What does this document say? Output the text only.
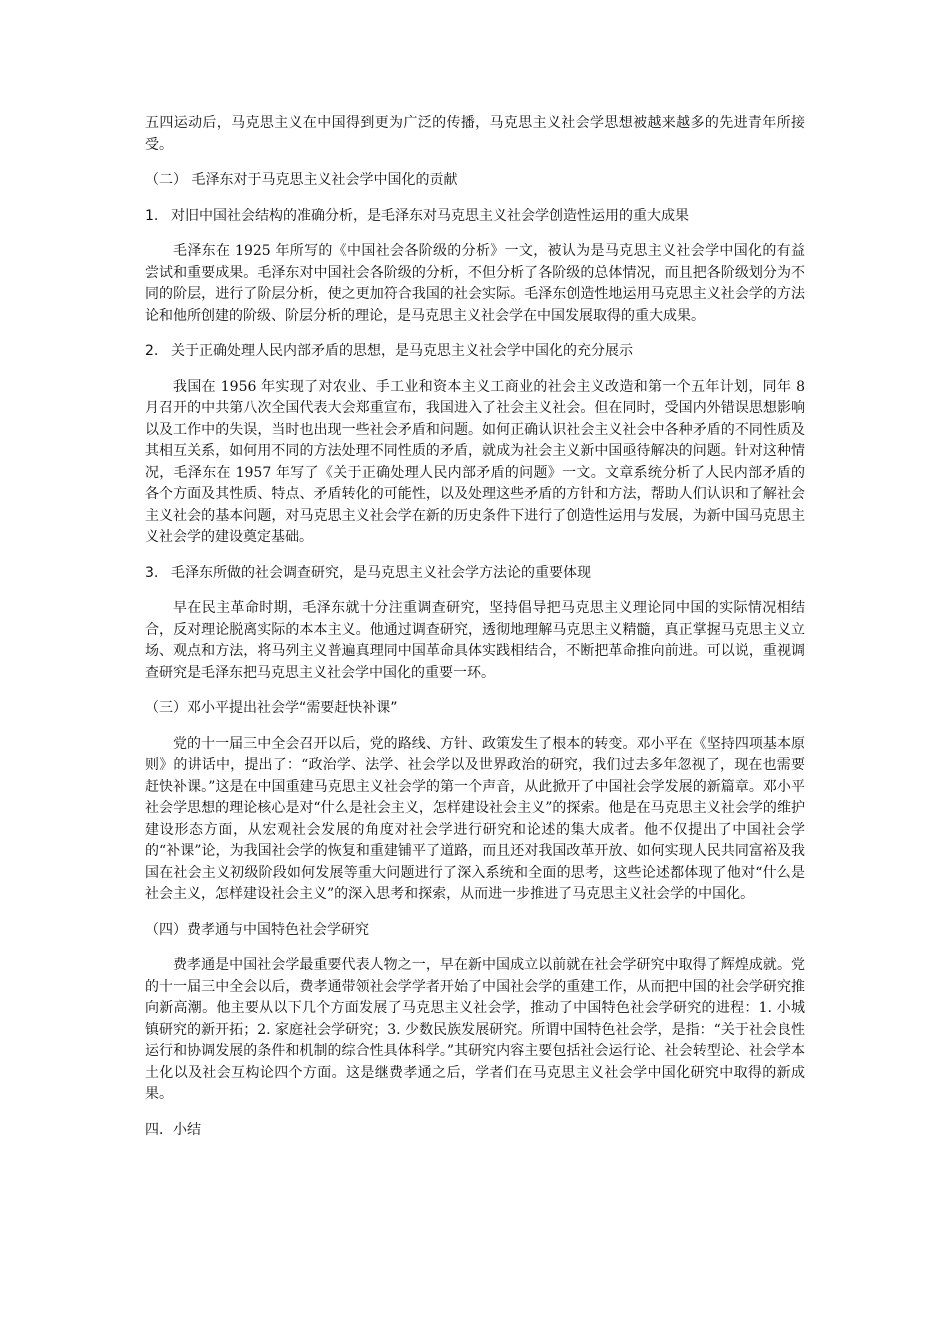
五四运动后，马克思主义在中国得到更为广泛的传播，马克思主义社会学思想被越来越多的先进青年所接受。

（二） 毛泽东对于马克思主义社会学中国化的贡献

1. 对旧中国社会结构的准确分析，是毛泽东对马克思主义社会学创造性运用的重大成果

毛泽东在 1925 年所写的《中国社会各阶级的分析》一文，被认为是马克思主义社会学中国化的有益尝试和重要成果。毛泽东对中国社会各阶级的分析，不但分析了各阶级的总体情况，而且把各阶级划分为不同的阶层，进行了阶层分析，使之更加符合我国的社会实际。毛泽东创造性地运用马克思主义社会学的方法论和他所创建的阶级、阶层分析的理论，是马克思主义社会学在中国发展取得的重大成果。

2. 关于正确处理人民内部矛盾的思想，是马克思主义社会学中国化的充分展示

我国在 1956 年实现了对农业、手工业和资本主义工商业的社会主义改造和第一个五年计划，同年 8 月召开的中共第八次全国代表大会郑重宣布，我国进入了社会主义社会。但在同时，受国内外错误思想影响以及工作中的失误，当时也出现一些社会矛盾和问题。如何正确认识社会主义社会中各种矛盾的不同性质及其相互关系，如何用不同的方法处理不同性质的矛盾，就成为社会主义新中国亟待解决的问题。针对这种情况，毛泽东在 1957 年写了《关于正确处理人民内部矛盾的问题》一文。文章系统分析了人民内部矛盾的各个方面及其性质、特点、矛盾转化的可能性，以及处理这些矛盾的方针和方法，帮助人们认识和了解社会主义社会的基本问题，对马克思主义社会学在新的历史条件下进行了创造性运用与发展，为新中国马克思主义社会学的建设奠定基础。

3. 毛泽东所做的社会调查研究，是马克思主义社会学方法论的重要体现

早在民主革命时期，毛泽东就十分注重调查研究，坚持倡导把马克思主义理论同中国的实际情况相结合，反对理论脱离实际的本本主义。他通过调查研究，透彻地理解马克思主义精髓，真正掌握马克思主义立场、观点和方法，将马列主义普遍真理同中国革命具体实践相结合，不断把革命推向前进。可以说，重视调查研究是毛泽东把马克思主义社会学中国化的重要一环。

（三）邓小平提出社会学“需要赶快补课”

党的十一届三中全会召开以后，党的路线、方针、政策发生了根本的转变。邓小平在《坚持四项基本原则》的讲话中，提出了：“政治学、法学、社会学以及世界政治的研究，我们过去多年忽视了，现在也需要赶快补课。”这是在中国重建马克思主义社会学的第一个声音，从此掀开了中国社会学发展的新篇章。邓小平社会学思想的理论核心是对“什么是社会主义，怎样建设社会主义”的探索。他是在马克思主义社会学的维护建设形态方面，从宏观社会发展的角度对社会学进行研究和论述的集大成者。他不仅提出了中国社会学的“补课”论，为我国社会学的恢复和重建铺平了道路，而且还对我国改革开放、如何实现人民共同富裕及我国在社会主义初级阶段如何发展等重大问题进行了深入系统和全面的思考，这些论述都体现了他对“什么是社会主义，怎样建设社会主义”的深入思考和探索，从而进一步推进了马克思主义社会学的中国化。

（四）费孝通与中国特色社会学研究

费孝通是中国社会学最重要代表人物之一，早在新中国成立以前就在社会学研究中取得了辉煌成就。党的十一届三中全会以后，费孝通带领社会学学者开始了中国社会学的重建工作，从而把中国的社会学研究推向新高潮。他主要从以下几个方面发展了马克思主义社会学，推动了中国特色社会学研究的进程：1. 小城镇研究的新开拓；2. 家庭社会学研究；3. 少数民族发展研究。所谓中国特色社会学，是指：“关于社会良性运行和协调发展的条件和机制的综合性具体科学。”其研究内容主要包括社会运行论、社会转型论、社会学本土化以及社会互构论四个方面。这是继费孝通之后，学者们在马克思主义社会学中国化研究中取得的新成果。

四．小结
